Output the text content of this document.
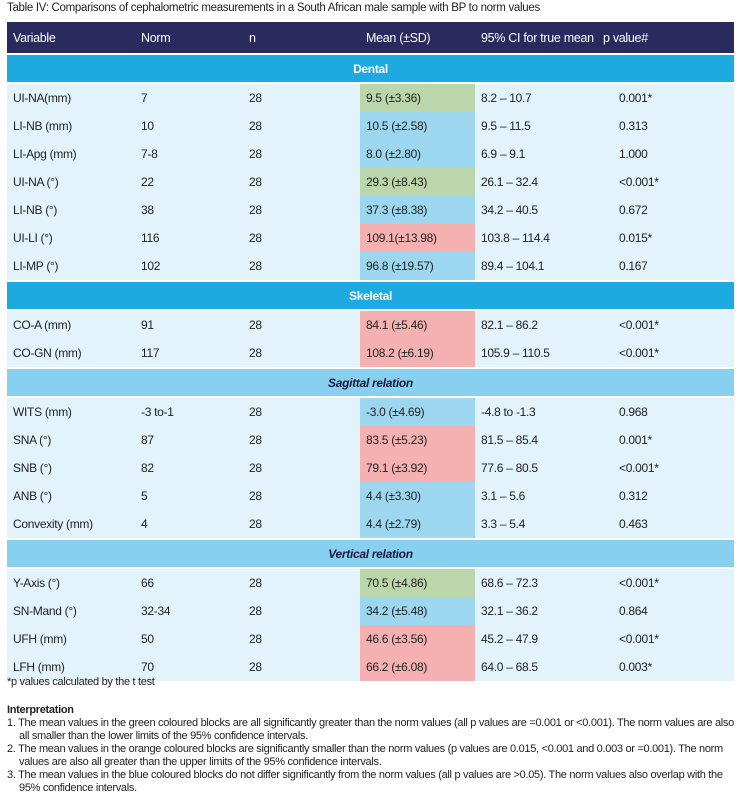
Table IV: Comparisons of cephalometric measurements in a South African male sample with BP to norm values
Variable	Norm	n	Mean (±SD)	95% CI for true mean	p value#
Dental					
UI-NA(mm)	7	28	9.5 (±3.36)	8.2 – 10.7	0.001*
LI-NB (mm)	10	28	10.5 (±2.58)	9.5 – 11.5	0.313
LI-Apg (mm)	7-8	28	8.0 (±2.80)	6.9 – 9.1	1.000
UI-NA (°)	22	28	29.3 (±8.43)	26.1 – 32.4	<0.001*
LI-NB (°)	38	28	37.3 (±8.38)	34.2 – 40.5	0.672
UI-LI (°)	116	28	109.1(±13.98)	103.8 – 114.4	0.015*
LI-MP (°)	102	28	96.8 (±19.57)	89.4 – 104.1	0.167
Skeletal					
CO-A (mm)	91	28	84.1 (±5.46)	82.1 – 86.2	<0.001*
CO-GN (mm)	117	28	108.2 (±6.19)	105.9 – 110.5	<0.001*
Sagittal relation					
WITS (mm)	-3 to-1	28	-3.0 (±4.69)	-4.8 to -1.3	0.968
SNA (°)	87	28	83.5 (±5.23)	81.5 – 85.4	0.001*
SNB (°)	82	28	79.1 (±3.92)	77.6 – 80.5	<0.001*
ANB (°)	5	28	4.4 (±3.30)	3.1 – 5.6	0.312
Convexity (mm)	4	28	4.4 (±2.79)	3.3 – 5.4	0.463
Vertical relation					
Y-Axis (°)	66	28	70.5 (±4.86)	68.6 – 72.3	<0.001*
SN-Mand (°)	32-34	28	34.2 (±5.48)	32.1 – 36.2	0.864
UFH (mm)	50	28	46.6 (±3.56)	45.2 – 47.9	<0.001*
LFH (mm)	70	28	66.2 (±6.08)	64.0 – 68.5	0.003*
*p values calculated by the t test
Interpretation
1. The mean values in the green coloured blocks are all significantly greater than the norm values (all p values are =0.001 or <0.001). The norm values are also all smaller than the lower limits of the 95% confidence intervals.
2. The mean values in the orange coloured blocks are significantly smaller than the norm values (p values are 0.015, <0.001 and 0.003 or =0.001). The norm values are also all greater than the upper limits of the 95% confidence intervals.
3. The mean values in the blue coloured blocks do not differ significantly from the norm values (all p values are >0.05). The norm values also overlap with the 95% confidence intervals.
